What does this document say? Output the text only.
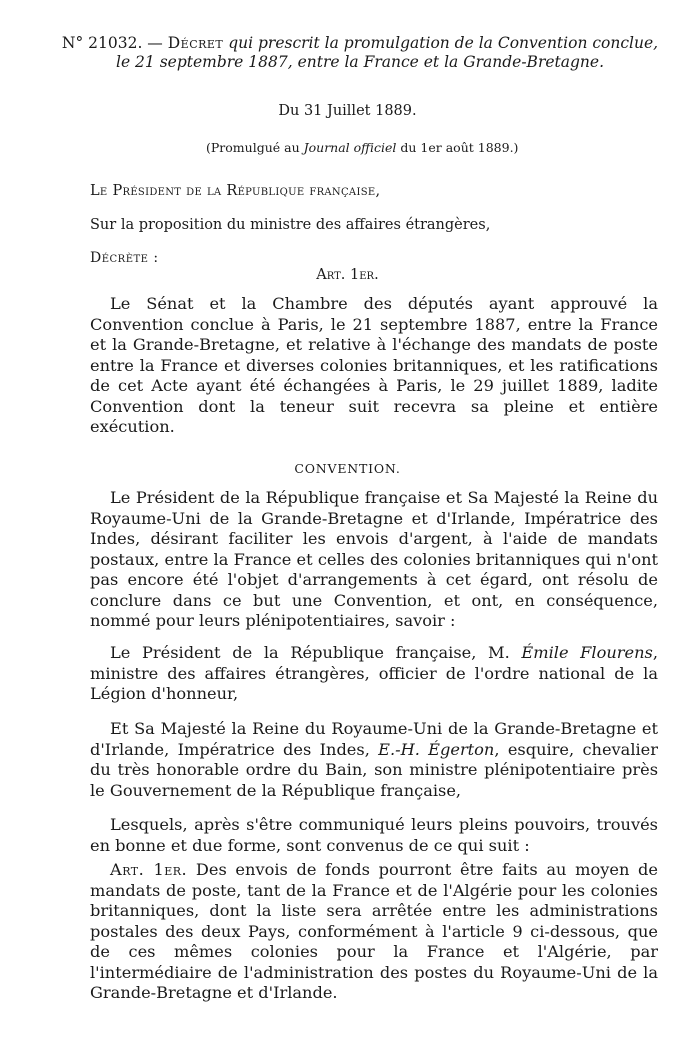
N° 21032. — Décret qui prescrit la promulgation de la Convention conclue,
le 21 septembre 1887, entre la France et la Grande-Bretagne.
Du 31 Juillet 1889.
(Promulgué au Journal officiel du 1er août 1889.)
Le Président de la République française,
Sur la proposition du ministre des affaires étrangères,
Décrète :
Art. 1er.
Le Sénat et la Chambre des députés ayant approuvé la Convention conclue à Paris, le 21 septembre 1887, entre la France et la Grande-Bretagne, et relative à l'échange des mandats de poste entre la France et diverses colonies britanniques, et les ratifications de cet Acte ayant été échangées à Paris, le 29 juillet 1889, ladite Convention dont la teneur suit recevra sa pleine et entière exécution.
CONVENTION.
Le Président de la République française et Sa Majesté la Reine du Royaume-Uni de la Grande-Bretagne et d'Irlande, Impératrice des Indes, désirant faciliter les envois d'argent, à l'aide de mandats postaux, entre la France et celles des colonies britanniques qui n'ont pas encore été l'objet d'arrangements à cet égard, ont résolu de conclure dans ce but une Convention, et ont, en conséquence, nommé pour leurs plénipotentiaires, savoir :
Le Président de la République française, M. Émile Flourens, ministre des affaires étrangères, officier de l'ordre national de la Légion d'honneur,
Et Sa Majesté la Reine du Royaume-Uni de la Grande-Bretagne et d'Irlande, Impératrice des Indes, E.-H. Égerton, esquire, chevalier du très honorable ordre du Bain, son ministre plénipotentiaire près le Gouvernement de la République française,
Lesquels, après s'être communiqué leurs pleins pouvoirs, trouvés en bonne et due forme, sont convenus de ce qui suit :
Art. 1er. Des envois de fonds pourront être faits au moyen de mandats de poste, tant de la France et de l'Algérie pour les colonies britanniques, dont la liste sera arrêtée entre les administrations postales des deux Pays, conformément à l'article 9 ci-dessous, que de ces mêmes colonies pour la France et l'Algérie, par l'intermédiaire de l'administration des postes du Royaume-Uni de la Grande-Bretagne et d'Irlande.
